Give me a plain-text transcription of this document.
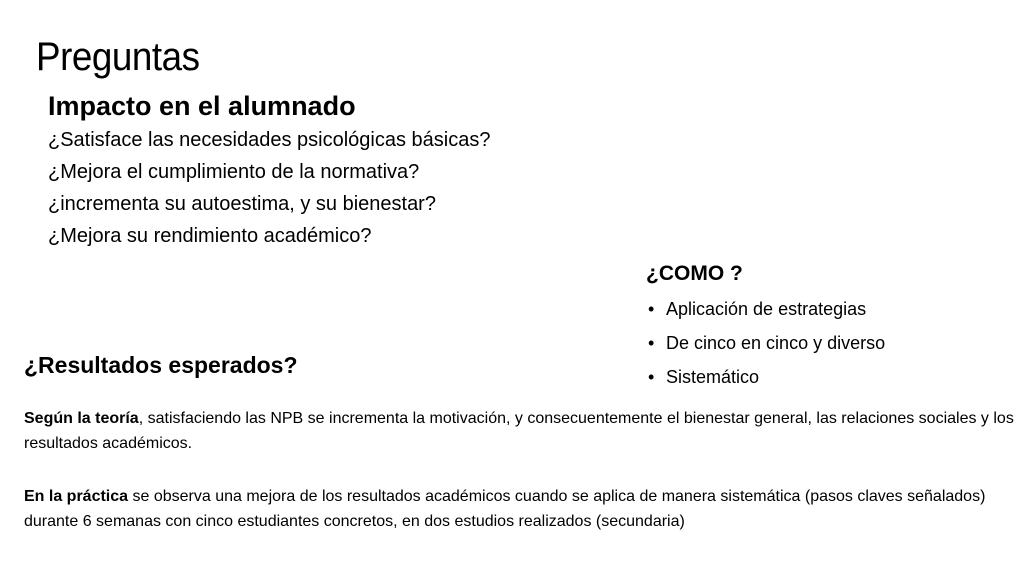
Preguntas
Impacto en el alumnado
¿Satisface las necesidades psicológicas básicas?
¿Mejora el cumplimiento de la normativa?
¿incrementa su autoestima, y su bienestar?
¿Mejora su rendimiento académico?
¿COMO ?
• Aplicación de estrategias
• De cinco en cinco y diverso
• Sistemático
¿Resultados esperados?

Según la teoría, satisfaciendo las NPB se incrementa la motivación, y consecuentemente el bienestar general, las relaciones sociales y los resultados académicos.

En la práctica se observa una mejora de los resultados académicos cuando se aplica de manera sistemática (pasos claves señalados) durante 6 semanas con cinco estudiantes concretos, en dos estudios realizados (secundaria)
